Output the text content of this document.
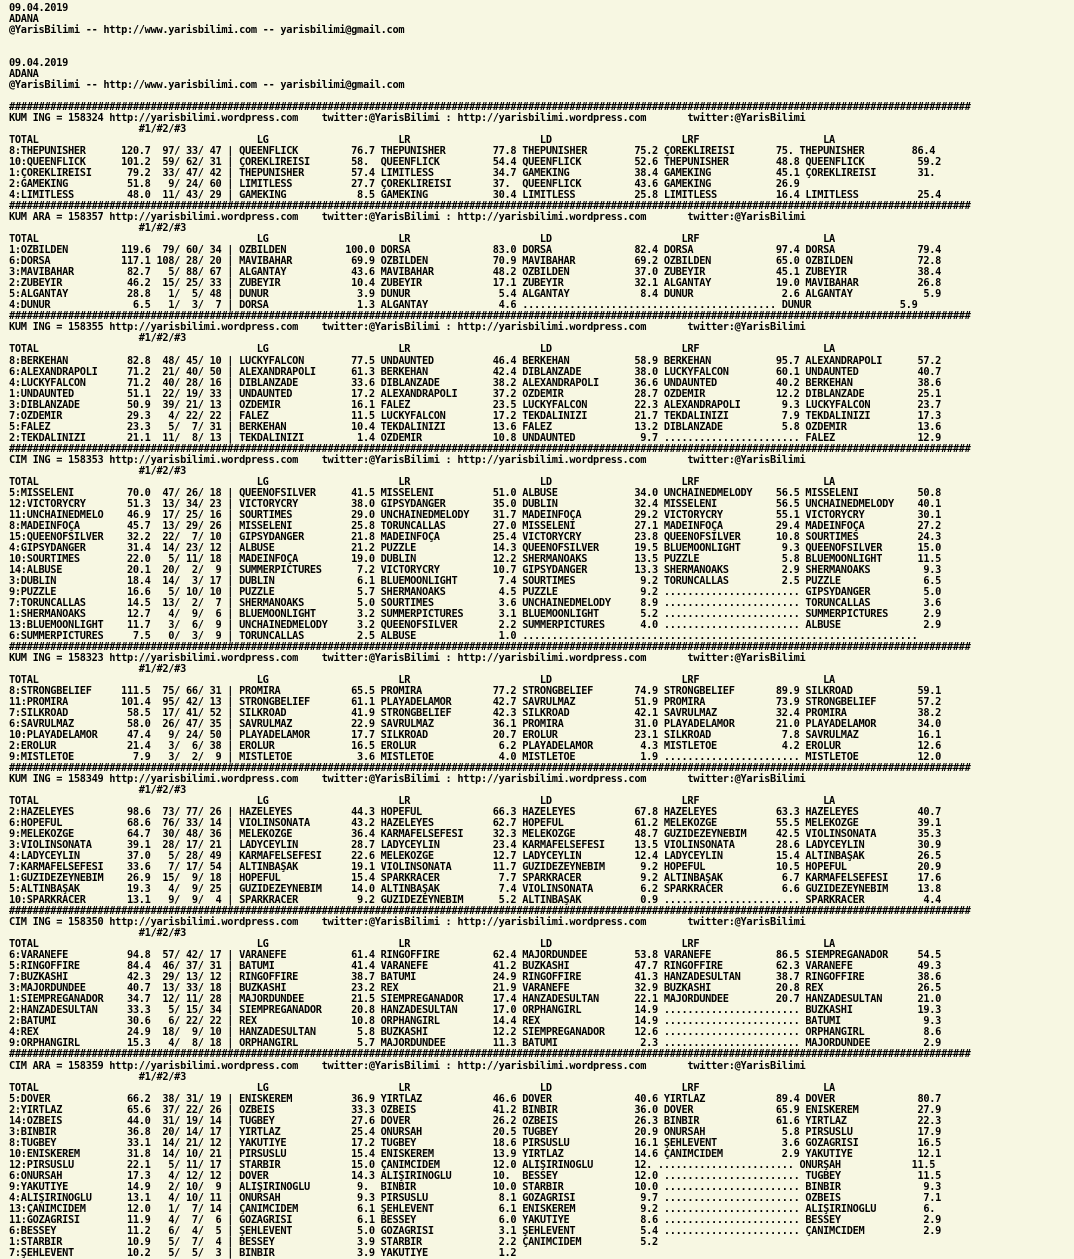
09.04.2019
ADANA
@YarisBilimi -- http://www.yarisbilimi.com -- yarisbilimi@gmail.com
09.04.2019
ADANA
@YarisBilimi -- http://www.yarisbilimi.com -- yarisbilimi@gmail.com
###################################################################################################################################################################
KUM ING = 158324 http://yarisbilimi.wordpress.com    twitter:@YarisBilimi : http://yarisbilimi.wordpress.com       twitter:@YarisBilimi
#1/#2/#3
TOTAL                                     LG                      LR                      LD                      LRF                     LA
8:THEPUNISHER      120.7  97/ 33/ 47 | QUEENFLICK         76.7 THEPUNISHER        77.8 THEPUNISHER        75.2 ÇOREKLIREISI       75. THEPUNISHER        86.4
10:QUEENFLICK      101.2  59/ 62/ 31 | ÇOREKLIREISI       58.  QUEENFLICK         54.4 QUEENFLICK         52.6 THEPUNISHER        48.8 QUEENFLICK         59.2
1:ÇOREKLIREISI      79.2  33/ 47/ 42 | THEPUNISHER        57.4 LIMITLESS          34.7 GAMEKING           38.4 GAMEKING           45.1 ÇOREKLIREISI       31.
2:GAMEKING          51.8   9/ 24/ 60 | LIMITLESS          27.7 ÇOREKLIREISI       37.  QUEENFLICK         43.6 GAMEKING           26.9
4:LIMITLESS         48.0  11/ 43/ 29 | GAMEKING            8.5 GAMEKING           30.4 LIMITLESS          25.8 LIMITLESS          16.4 LIMITLESS          25.4
###################################################################################################################################################################
KUM ARA = 158357 http://yarisbilimi.wordpress.com    twitter:@YarisBilimi : http://yarisbilimi.wordpress.com       twitter:@YarisBilimi
#1/#2/#3
TOTAL                                     LG                      LR                      LD                      LRF                     LA
1:OZBILDEN         119.6  79/ 60/ 34 | OZBILDEN          100.0 DORSA              83.0 DORSA              82.4 DORSA              97.4 DORSA              79.4
6:DORSA            117.1 108/ 28/ 20 | MAVIBAHAR          69.9 OZBILDEN           70.9 MAVIBAHAR          69.2 OZBILDEN           65.0 OZBILDEN           72.8
3:MAVIBAHAR         82.7   5/ 88/ 67 | ALGANTAY           43.6 MAVIBAHAR          48.2 OZBILDEN           37.0 ZUBEYIR            45.1 ZUBEYIR            38.4
2:ZUBEYIR           46.2  15/ 25/ 33 | ZUBEYIR            10.4 ZUBEYIR            17.1 ZUBEYIR            32.1 ALGANTAY           19.0 MAVIBAHAR          26.8
5:ALGANTAY          28.8   1/  5/ 48 | DUNUR               3.9 DUNUR               5.4 ALGANTAY            8.4 DUNUR               2.6 ALGANTAY            5.9
4:DUNUR              6.5   1/  3/  7 | DORSA               1.3 ALGANTAY            4.6 ........................................... DUNUR               5.9
###################################################################################################################################################################
KUM ING = 158355 http://yarisbilimi.wordpress.com    twitter:@YarisBilimi : http://yarisbilimi.wordpress.com       twitter:@YarisBilimi
#1/#2/#3
TOTAL                                     LG                      LR                      LD                      LRF                     LA
8:BERKEHAN          82.8  48/ 45/ 10 | LUCKYFALCON        77.5 UNDAUNTED          46.4 BERKEHAN           58.9 BERKEHAN           95.7 ALEXANDRAPOLI      57.2
6:ALEXANDRAPOLI     71.2  21/ 40/ 50 | ALEXANDRAPOLI      61.3 BERKEHAN           42.4 DIBLANZADE         38.0 LUCKYFALCON        60.1 UNDAUNTED          40.7
4:LUCKYFALCON       71.2  40/ 28/ 16 | DIBLANZADE         33.6 DIBLANZADE         38.2 ALEXANDRAPOLI      36.6 UNDAUNTED          40.2 BERKEHAN           38.6
1:UNDAUNTED         51.1  22/ 19/ 33 | UNDAUNTED          17.2 ALEXANDRAPOLI      37.2 OZDEMIR            28.7 OZDEMIR            12.2 DIBLANZADE         25.1
3:DIBLANZADE        50.9  39/ 21/ 13 | OZDEMIR            16.1 FALEZ              23.5 LUCKYFALCON        22.3 ALEXANDRAPOLI       9.3 LUCKYFALCON        23.7
7:OZDEMIR           29.3   4/ 22/ 22 | FALEZ              11.5 LUCKYFALCON        17.2 TEKDALINIZI        21.7 TEKDALINIZI         7.9 TEKDALINIZI        17.3
5:FALEZ             23.3   5/  7/ 31 | BERKEHAN           10.4 TEKDALINIZI        13.6 FALEZ              13.2 DIBLANZADE          5.8 OZDEMIR            13.6
2:TEKDALINIZI       21.1  11/  8/ 13 | TEKDALINIZI         1.4 OZDEMIR            10.8 UNDAUNTED           9.7 ....................... FALEZ              12.9
###################################################################################################################################################################
CIM ING = 158353 http://yarisbilimi.wordpress.com    twitter:@YarisBilimi : http://yarisbilimi.wordpress.com       twitter:@YarisBilimi
#1/#2/#3
TOTAL                                     LG                      LR                      LD                      LRF                     LA
5:MISSELENI         70.0  47/ 26/ 18 | QUEENOFSILVER      41.5 MISSELENI          51.0 ALBUSE             34.0 UNCHAINEDMELODY    56.5 MISSELENI          50.8
12:VICTORYCRY       51.3  13/ 34/ 23 | VICTORYCRY         38.0 GIPSYDANGER        35.0 DUBLIN             32.4 MISSELENI          56.5 UNCHAINEDMELODY    40.1
11:UNCHAINEDMELO    46.9  17/ 25/ 16 | SOURTIMES          29.0 UNCHAINEDMELODY    31.7 MADEINFOÇA         29.2 VICTORYCRY         55.1 VICTORYCRY         30.1
8:MADEINFOÇA        45.7  13/ 29/ 26 | MISSELENI          25.8 TORUNCALLAS        27.0 MISSELENI          27.1 MADEINFOÇA         29.4 MADEINFOÇA         27.2
15:QUEENOFSILVER    32.2  22/  7/ 10 | GIPSYDANGER        21.8 MADEINFOÇA         25.4 VICTORYCRY         23.8 QUEENOFSILVER      10.8 SOURTIMES          24.3
4:GIPSYDANGER       31.4  14/ 23/ 12 | ALBUSE             21.2 PUZZLE             14.3 QUEENOFSILVER      19.5 BLUEMOONLIGHT       9.3 QUEENOFSILVER      15.0
10:SOURTIMES        22.0   5/ 11/ 18 | MADEINFOÇA         19.0 DUBLIN             12.2 SHERMANOAKS        13.5 PUZZLE              5.8 BLUEMOONLIGHT      11.5
14:ALBUSE           20.1  20/  2/  9 | SUMMERPICTURES      7.2 VICTORYCRY         10.7 GIPSYDANGER        13.3 SHERMANOAKS         2.9 SHERMANOAKS         9.3
3:DUBLIN            18.4  14/  3/ 17 | DUBLIN              6.1 BLUEMOONLIGHT       7.4 SOURTIMES           9.2 TORUNCALLAS         2.5 PUZZLE              6.5
9:PUZZLE            16.6   5/ 10/ 10 | PUZZLE              5.7 SHERMANOAKS         4.5 PUZZLE              9.2 ....................... GIPSYDANGER         5.0
7:TORUNCALLAS       14.5  13/  2/  7 | SHERMANOAKS         5.0 SOURTIMES           3.6 UNCHAINEDMELODY     8.9 ....................... TORUNCALLAS         3.6
1:SHERMANOAKS       12.7   4/  9/  6 | BLUEMOONLIGHT       3.2 SUMMERPICTURES      3.1 BLUEMOONLIGHT       5.2 ....................... SUMMERPICTURES      2.9
13:BLUEMOONLIGHT    11.7   3/  6/  9 | UNCHAINEDMELODY     3.2 QUEENOFSILVER       2.2 SUMMERPICTURES      4.0 ....................... ALBUSE              2.9
6:SUMMERPICTURES     7.5   0/  3/  9 | TORUNCALLAS         2.5 ALBUSE              1.0 ...................................................................
###################################################################################################################################################################
KUM ING = 158323 http://yarisbilimi.wordpress.com    twitter:@YarisBilimi : http://yarisbilimi.wordpress.com       twitter:@YarisBilimi
#1/#2/#3
TOTAL                                     LG                      LR                      LD                      LRF                     LA
8:STRONGBELIEF     111.5  75/ 66/ 31 | PROMIRA            65.5 PROMIRA            77.2 STRONGBELIEF       74.9 STRONGBELIEF       89.9 SILKROAD           59.1
11:PROMIRA         101.4  95/ 42/ 13 | STRONGBELIEF       61.1 PLAYADELAMOR       42.7 SAVRULMAZ          51.9 PROMIRA            73.9 STRONGBELIEF       57.2
7:SILKROAD          58.5  17/ 41/ 52 | SILKROAD           41.9 STRONGBELIEF       42.3 SILKROAD           42.1 SAVRULMAZ          32.4 PROMIRA            38.2
6:SAVRULMAZ         58.0  26/ 47/ 35 | SAVRULMAZ          22.9 SAVRULMAZ          36.1 PROMIRA            31.0 PLAYADELAMOR       21.0 PLAYADELAMOR       34.0
10:PLAYADELAMOR     47.4   9/ 24/ 50 | PLAYADELAMOR       17.7 SILKROAD           20.7 EROLUR             23.1 SILKROAD            7.8 SAVRULMAZ          16.1
2:EROLUR            21.4   3/  6/ 38 | EROLUR             16.5 EROLUR              6.2 PLAYADELAMOR        4.3 MISTLETOE           4.2 EROLUR             12.6
9:MISTLETOE          7.9   3/  2/  9 | MISTLETOE           3.6 MISTLETOE           4.0 MISTLETOE           1.9 ....................... MISTLETOE          12.0
###################################################################################################################################################################
KUM ING = 158349 http://yarisbilimi.wordpress.com    twitter:@YarisBilimi : http://yarisbilimi.wordpress.com       twitter:@YarisBilimi
#1/#2/#3
TOTAL                                     LG                      LR                      LD                      LRF                     LA
2:HAZELEYES         98.6  73/ 77/ 26 | HAZELEYES          44.3 HOPEFUL            66.3 HAZELEYES          67.8 HAZELEYES          63.3 HAZELEYES          40.7
6:HOPEFUL           68.6  76/ 33/ 14 | VIOLINSONATA       43.2 HAZELEYES          62.7 HOPEFUL            61.2 MELEKOZGE          55.5 MELEKOZGE          39.1
9:MELEKOZGE         64.7  30/ 48/ 36 | MELEKOZGE          36.4 KARMAFELSEFESI     32.3 MELEKOZGE          48.7 GUZIDEZEYNEBIM     42.5 VIOLINSONATA       35.3
3:VIOLINSONATA      39.1  28/ 17/ 21 | LADYCEYLIN         28.7 LADYCEYLIN         23.4 KARMAFELSEFESI     13.5 VIOLINSONATA       28.6 LADYCEYLIN         30.9
4:LADYCEYLIN        37.0   5/ 28/ 49 | KARMAFELSEFESI     22.6 MELEKOZGE          12.7 LADYCEYLIN         12.4 LADYCEYLIN         15.4 ALTINBAŞAK         26.5
7:KARMAFELSEFESI    33.6   7/ 17/ 54 | ALTINBAŞAK         19.1 VIOLINSONATA       11.7 GUZIDEZEYNEBIM      9.2 HOPEFUL            10.5 HOPEFUL            20.9
1:GUZIDEZEYNEBIM    26.9  15/  9/ 18 | HOPEFUL            15.4 SPARKRACER          7.7 SPARKRACER          9.2 ALTINBAŞAK          6.7 KARMAFELSEFESI     17.6
5:ALTINBAŞAK        19.3   4/  9/ 25 | GUZIDEZEYNEBIM     14.0 ALTINBAŞAK          7.4 VIOLINSONATA        6.2 SPARKRACER          6.6 GUZIDEZEYNEBIM     13.8
10:SPARKRACER       13.1   9/  9/  4 | SPARKRACER          9.2 GUZIDEZEYNEBIM      5.2 ALTINBAŞAK          0.9 ....................... SPARKRACER          4.4
###################################################################################################################################################################
CIM ING = 158350 http://yarisbilimi.wordpress.com    twitter:@YarisBilimi : http://yarisbilimi.wordpress.com       twitter:@YarisBilimi
#1/#2/#3
TOTAL                                     LG                      LR                      LD                      LRF                     LA
6:VARANEFE          94.8  57/ 42/ 17 | VARANEFE           61.4 RINGOFFIRE         62.4 MAJORDUNDEE        53.8 VARANEFE           86.5 SIEMPREGANADOR     54.5
5:RINGOFFIRE        84.4  46/ 37/ 31 | BATUMI             41.4 VARANEFE           41.2 BUZKASHI           47.7 RINGOFFIRE         62.3 VARANEFE           49.3
7:BUZKASHI          42.3  29/ 13/ 12 | RINGOFFIRE         38.7 BATUMI             24.9 RINGOFFIRE         41.3 HANZADESULTAN      38.7 RINGOFFIRE         38.6
3:MAJORDUNDEE       40.7  13/ 33/ 18 | BUZKASHI           23.2 REX                21.9 VARANEFE           32.9 BUZKASHI           20.8 REX                26.5
1:SIEMPREGANADOR    34.7  12/ 11/ 28 | MAJORDUNDEE        21.5 SIEMPREGANADOR     17.4 HANZADESULTAN      22.1 MAJORDUNDEE        20.7 HANZADESULTAN      21.0
2:HANZADESULTAN     33.3   5/ 15/ 34 | SIEMPREGANADOR     20.8 HANZADESULTAN      17.0 ORPHANGIRL         14.9 ....................... BUZKASHI           19.3
2:BATUMI            30.6   6/ 22/ 22 | REX                10.8 ORPHANGIRL         14.4 REX                14.9 ....................... BATUMI              9.3
4:REX               24.9  18/  9/ 10 | HANZADESULTAN       5.8 BUZKASHI           12.2 SIEMPREGANADOR     12.6 ....................... ORPHANGIRL          8.6
9:ORPHANGIRL        15.3   4/  8/ 18 | ORPHANGIRL          5.7 MAJORDUNDEE        11.3 BATUMI              2.3 ....................... MAJORDUNDEE         2.9
###################################################################################################################################################################
CIM ARA = 158359 http://yarisbilimi.wordpress.com    twitter:@YarisBilimi : http://yarisbilimi.wordpress.com       twitter:@YarisBilimi
#1/#2/#3
TOTAL                                     LG                      LR                      LD                      LRF                     LA
5:DOVER             66.2  38/ 31/ 19 | ENISKEREM          36.9 YIRTLAZ            46.6 DOVER              40.6 YIRTLAZ            89.4 DOVER              80.7
2:YIRTLAZ           65.6  37/ 22/ 26 | OZBEIS             33.3 OZBEIS             41.2 BINBIR             36.0 DOVER              65.9 ENISKEREM          27.9
14:OZBEIS           44.0  31/ 19/ 14 | TUGBEY             27.6 DOVER              26.2 OZBEIS             26.3 BINBIR             61.6 YIRTLAZ            22.3
3:BINBIR            36.8  20/ 14/ 17 | YIRTLAZ            25.4 ONURSAH            20.5 TUGBEY             20.9 ONURSAH             5.8 PIRSUSLU           17.9
8:TUGBEY            33.1  14/ 21/ 12 | YAKUTIYE           17.2 TUGBEY             18.6 PIRSUSLU           16.1 ŞEHLEVENT           3.6 GOZAGRISI          16.5
10:ENISKEREM        31.8  14/ 10/ 21 | PIRSUSLU           15.4 ENISKEREM          13.9 YIRTLAZ            14.6 ÇANIMCIDEM          2.9 YAKUTIYE           12.1
12:PIRSUSLU         22.1   5/ 11/ 17 | STARBIR            15.0 ÇANIMCIDEM         12.0 ALIŞIRINOGLU       12. ....................... ONURŞAH            11.5
6:ONURSAH           17.3   4/ 12/ 12 | DOVER              14.3 ALIŞIRINOGLU       10.  BESSEY             12.0 ....................... TUGBEY             11.5
9:YAKUTIYE          14.9   2/ 10/  9 | ALIŞIRINOGLU        9.  BINBIR             10.0 STARBIR            10.0 ....................... BINBIR              9.3
4:ALIŞIRINOGLU      13.1   4/ 10/ 11 | ONURSAH             9.3 PIRSUSLU            8.1 GOZAGRISI           9.7 ....................... OZBEIS              7.1
13:ÇANIMCIDEM       12.0   1/  7/ 14 | ÇANIMCIDEM          6.1 ŞEHLEVENT           6.1 ENISKEREM           9.2 ....................... ALIŞIRINOGLU        6.
11:GOZAGRISI        11.9   4/  7/  6 | GOZAGRISI           6.1 BESSEY              6.0 YAKUTIYE            8.6 ....................... BESSEY              2.9
6:BESSEY            11.2   6/  4/  5 | ŞEHLEVENT           5.0 GOZAGRISI           3.1 ŞEHLEVENT           5.4 ....................... ÇANIMCIDEM          2.9
1:STARBIR           10.9   5/  7/  4 | BESSEY              3.9 STARBIR             2.2 ÇANIMCIDEM          5.2
7:ŞEHLEVENT         10.2   5/  5/  3 | BINBIR              3.9 YAKUTIYE            1.2
